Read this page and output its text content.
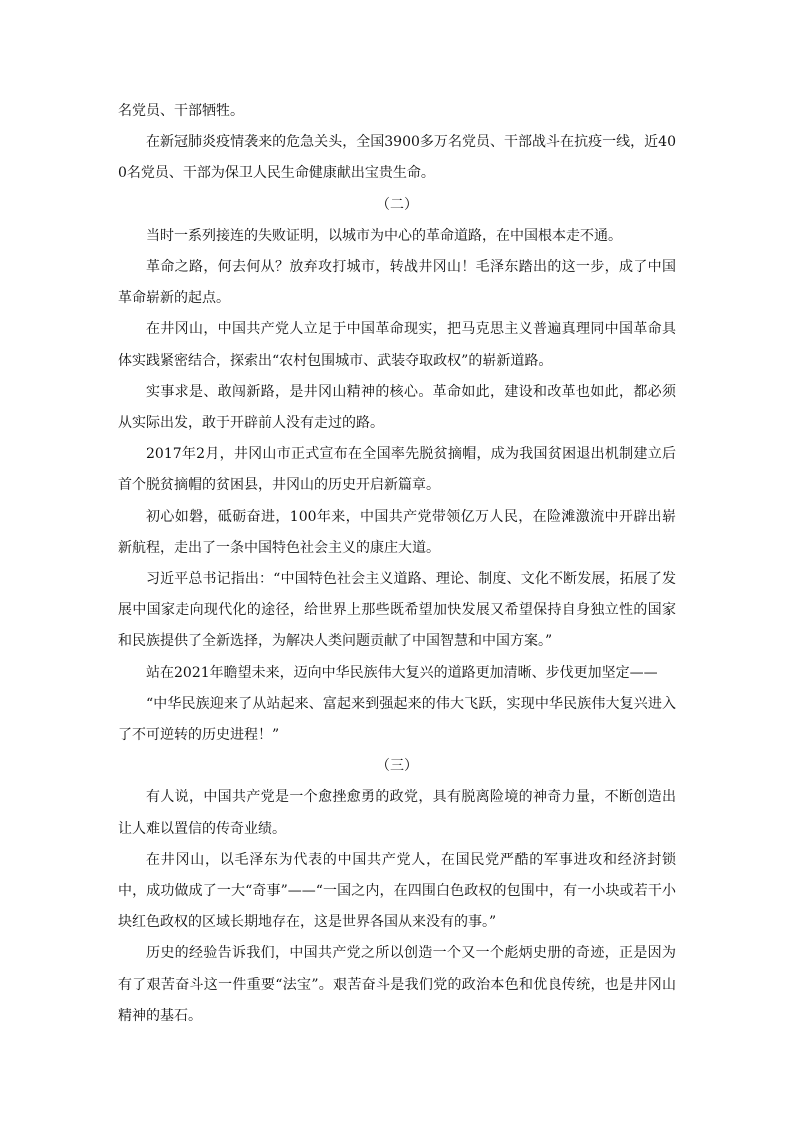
名党员、干部牺牲。

在新冠肺炎疫情袭来的危急关头，全国3900多万名党员、干部战斗在抗疫一线，近400名党员、干部为保卫人民生命健康献出宝贵生命。

（二）

当时一系列接连的失败证明，以城市为中心的革命道路，在中国根本走不通。

革命之路，何去何从？放弃攻打城市，转战井冈山！毛泽东踏出的这一步，成了中国革命崭新的起点。

在井冈山，中国共产党人立足于中国革命现实，把马克思主义普遍真理同中国革命具体实践紧密结合，探索出“农村包围城市、武装夺取政权”的崭新道路。

实事求是、敢闯新路，是井冈山精神的核心。革命如此，建设和改革也如此，都必须从实际出发，敢于开辟前人没有走过的路。

2017年2月，井冈山市正式宣布在全国率先脱贫摘帽，成为我国贫困退出机制建立后首个脱贫摘帽的贫困县，井冈山的历史开启新篇章。

初心如磐，砥砺奋进，100年来，中国共产党带领亿万人民，在险滩激流中开辟出崭新航程，走出了一条中国特色社会主义的康庄大道。

习近平总书记指出：“中国特色社会主义道路、理论、制度、文化不断发展，拓展了发展中国家走向现代化的途径，给世界上那些既希望加快发展又希望保持自身独立性的国家和民族提供了全新选择，为解决人类问题贡献了中国智慧和中国方案。”

站在2021年瞻望未来，迈向中华民族伟大复兴的道路更加清晰、步伐更加坚定——

“中华民族迎来了从站起来、富起来到强起来的伟大飞跃，实现中华民族伟大复兴进入了不可逆转的历史进程！”

（三）

有人说，中国共产党是一个愈挫愈勇的政党，具有脱离险境的神奇力量，不断创造出让人难以置信的传奇业绩。

在井冈山，以毛泽东为代表的中国共产党人，在国民党严酷的军事进攻和经济封锁中，成功做成了一大“奇事”——“一国之内，在四围白色政权的包围中，有一小块或若干小块红色政权的区域长期地存在，这是世界各国从来没有的事。”

历史的经验告诉我们，中国共产党之所以创造一个又一个彪炳史册的奇迹，正是因为有了艰苦奋斗这一件重要“法宝”。艰苦奋斗是我们党的政治本色和优良传统，也是井冈山精神的基石。
